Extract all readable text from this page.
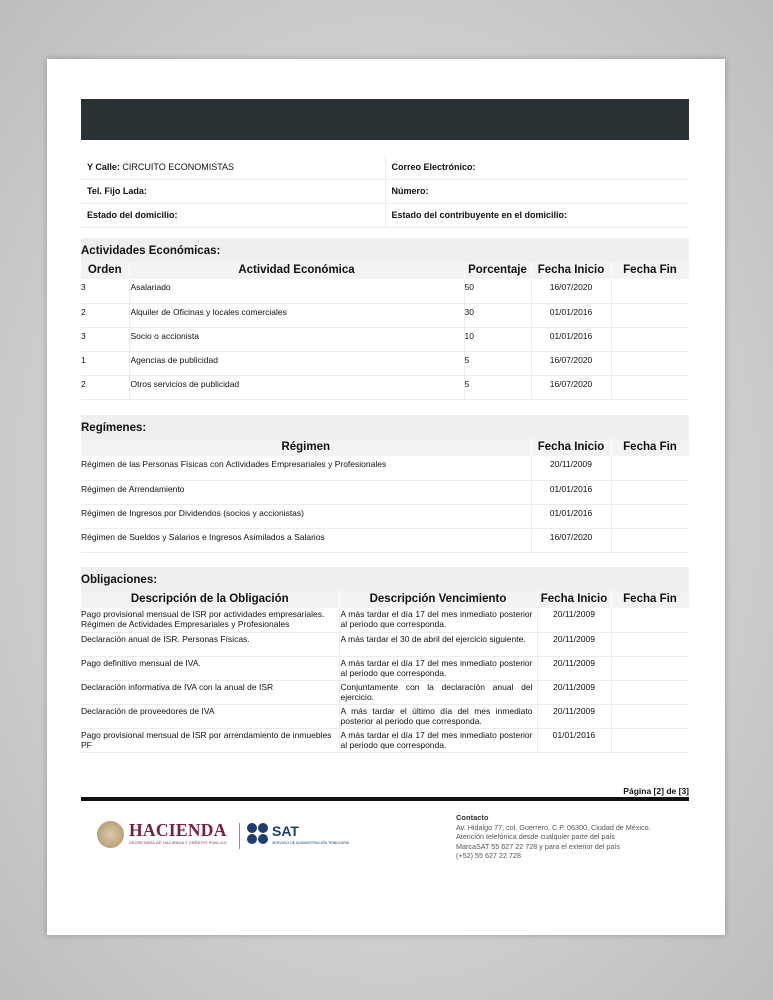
Y Calle: CIRCUITO ECONOMISTAS	Correo Electrónico:
Tel. Fijo Lada:	Número:
Estado del domicilio:	Estado del contribuyente en el domicilio:
Actividades Económicas:
Orden	Actividad Económica	Porcentaje	Fecha Inicio	Fecha Fin
3	Asalariado	50	16/07/2020	
2	Alquiler de Oficinas y locales comerciales	30	01/01/2016	
3	Socio o accionista	10	01/01/2016	
1	Agencias de publicidad	5	16/07/2020	
2	Otros servicios de publicidad	5	16/07/2020	
Regímenes:
Régimen	Fecha Inicio	Fecha Fin
Régimen de las Personas Físicas con Actividades Empresariales y Profesionales	20/11/2009	
Régimen de Arrendamiento	01/01/2016	
Régimen de Ingresos por Dividendos (socios y accionistas)	01/01/2016	
Régimen de Sueldos y Salarios e Ingresos Asimilados a Salarios	16/07/2020	
Obligaciones:
Descripción de la Obligación	Descripción Vencimiento	Fecha Inicio	Fecha Fin
Pago provisional mensual de ISR por actividades empresariales. Régimen de Actividades Empresariales y Profesionales	A más tardar el día 17 del mes inmediato posterior al periodo que corresponda.	20/11/2009	
Declaración anual de ISR. Personas Físicas.	A más tardar el 30 de abril del ejercicio siguiente.	20/11/2009	
Pago definitivo mensual de IVA.	A más tardar el día 17 del mes inmediato posterior al periodo que corresponda.	20/11/2009	
Declaración informativa de IVA con la anual de ISR	Conjuntamente con la declaración anual del ejercicio.	20/11/2009	
Declaración de proveedores de IVA	A más tardar el último día del mes inmediato posterior al periodo que corresponda.	20/11/2009	
Pago provisional mensual de ISR por arrendamiento de inmuebles PF	A más tardar el día 17 del mes inmediato posterior al periodo que corresponda.	01/01/2016	
Página [2] de [3]
HACIENDA
SECRETARÍA DE HACIENDA Y CRÉDITO PÚBLICO
SAT
SERVICIO DE ADMINISTRACIÓN TRIBUTARIA
Contacto
Av. Hidalgo 77, col. Guerrero, C.P. 06300, Ciudad de México.
Atención telefónica desde cualquier parte del país
MarcaSAT 55 627 22 728 y para el exterior del país
(+52) 55 627 22 728
